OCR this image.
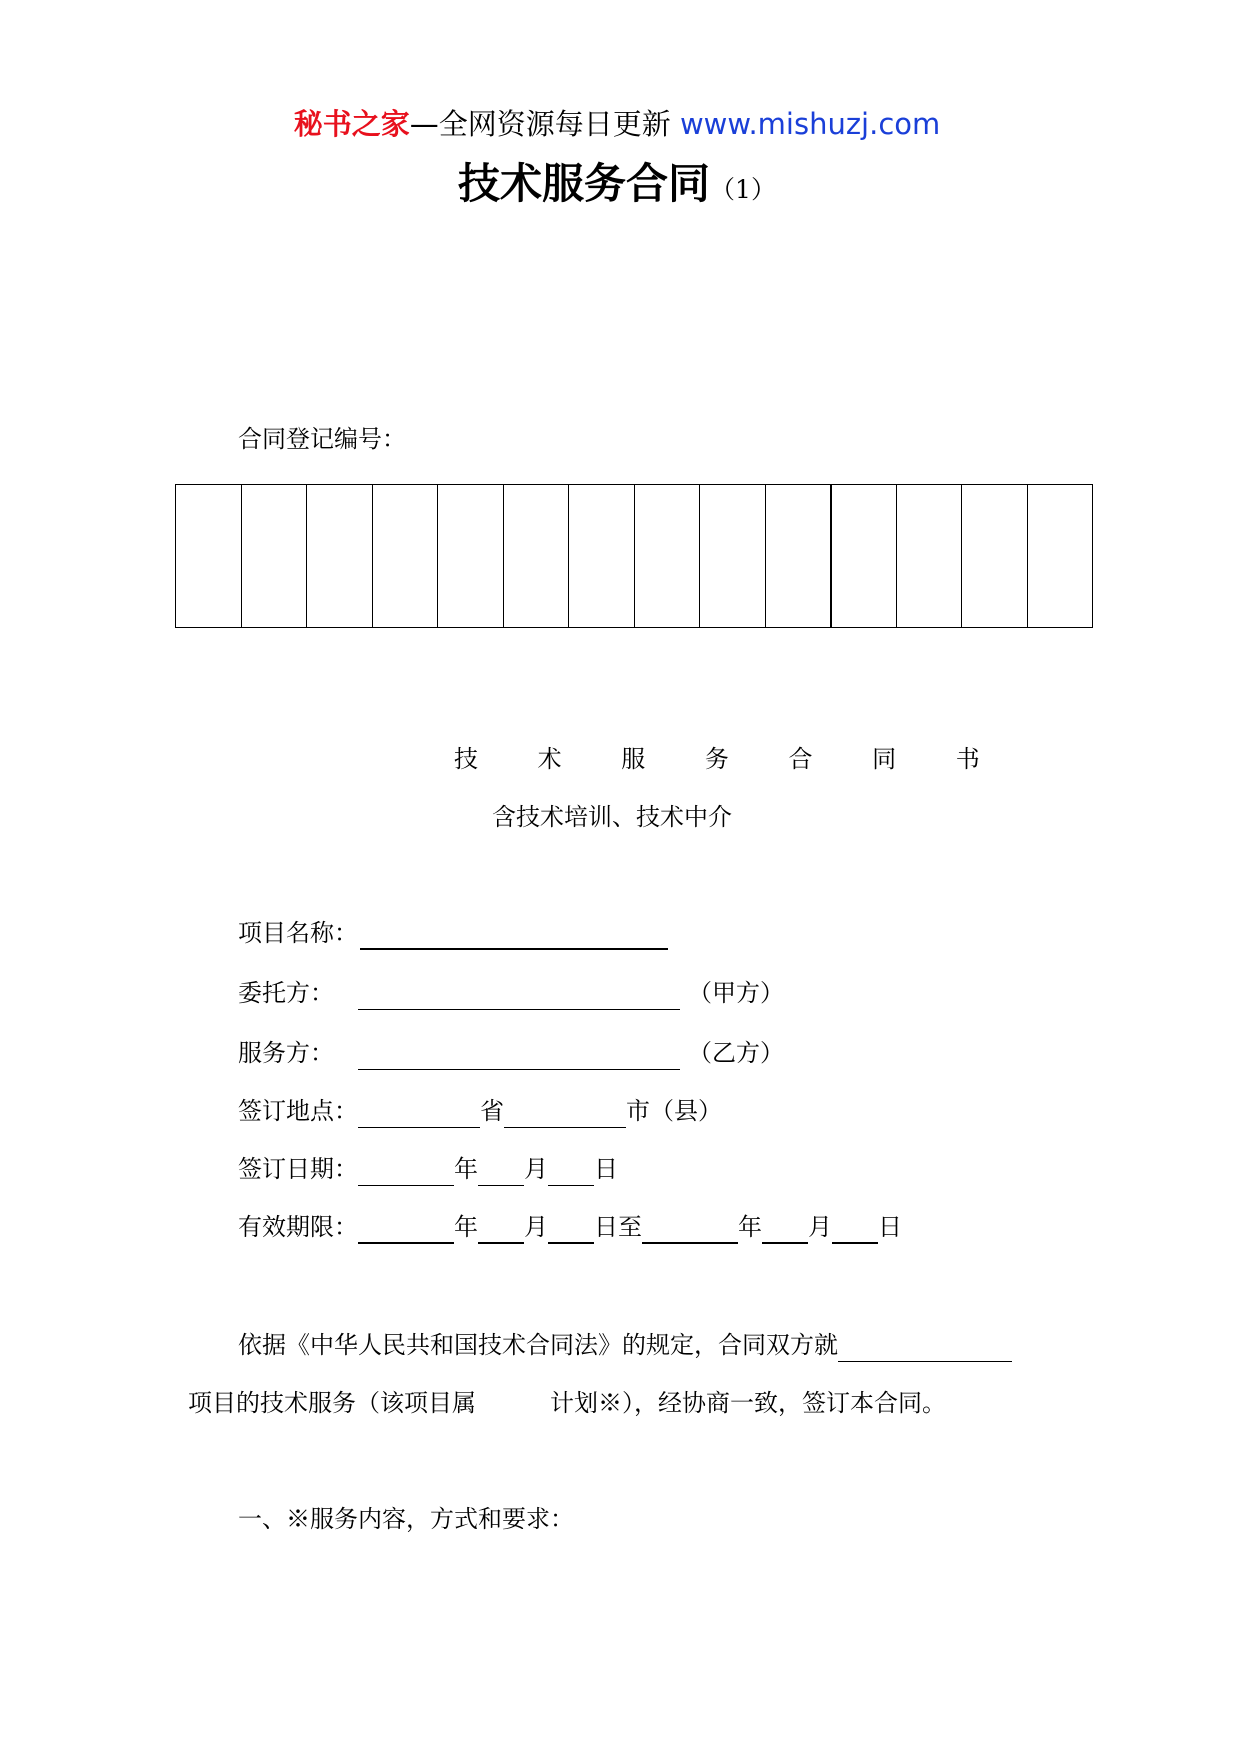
秘书之家—全网资源每日更新 www.mishuzj.com
技术服务合同（1）
合同登记编号：

技 术 服 务 合 同 书
含技术培训、技术中介
项目名称：
委托方：	（甲方）
服务方：	（乙方）
签订地点：	省	市（县）
签订日期：	年 月 日
有效期限：	年 月 日至	年 月 日
依据《中华人民共和国技术合同法》的规定，合同双方就
项目的技术服务（该项目属	计划※），经协商一致，签订本合同。
一、※服务内容，方式和要求：
